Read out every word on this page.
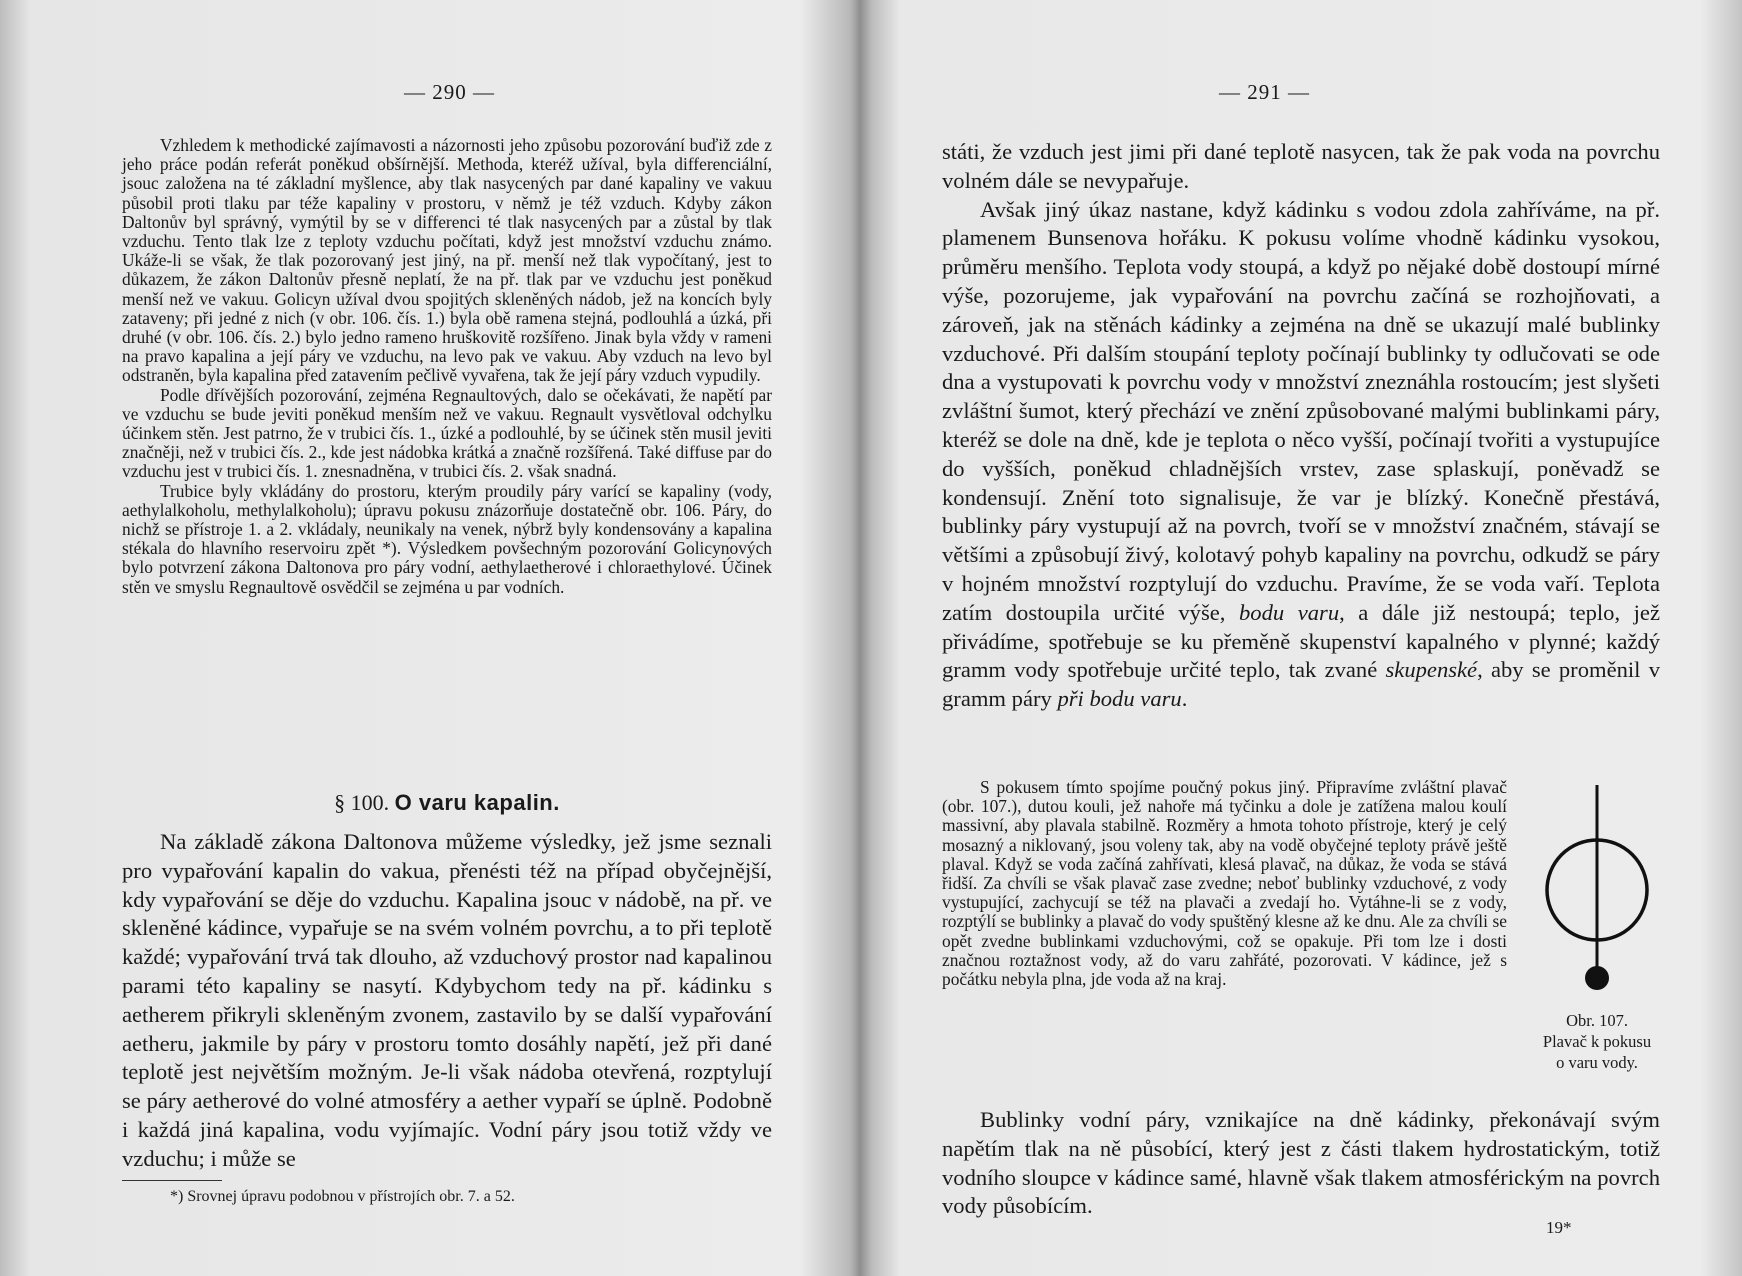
— 290 —

Vzhledem k methodické zajímavosti a názornosti jeho způsobu pozorování buďiž zde z jeho práce podán referát poněkud obšírnější. Methoda, kteréž užíval, byla differenciální, jsouc založena na té základní myšlence, aby tlak nasycených par dané kapaliny ve vakuu působil proti tlaku par téže kapaliny v prostoru, v němž je též vzduch. Kdyby zákon Daltonův byl správný, vymýtil by se v differenci té tlak nasycených par a zůstal by tlak vzduchu. Tento tlak lze z teploty vzduchu počítati, když jest množství vzduchu známo. Ukáže-li se však, že tlak pozorovaný jest jiný, na př. menší než tlak vypočítaný, jest to důkazem, že zákon Daltonův přesně neplatí, že na př. tlak par ve vzduchu jest poněkud menší než ve vakuu. Golicyn užíval dvou spojitých skleněných nádob, jež na koncích byly zataveny; při jedné z nich (v obr. 106. čís. 1.) byla obě ramena stejná, podlouhlá a úzká, při druhé (v obr. 106. čís. 2.) bylo jedno rameno hruškovitě rozšířeno. Jinak byla vždy v rameni na pravo kapalina a její páry ve vzduchu, na levo pak ve vakuu. Aby vzduch na levo byl odstraněn, byla kapalina před zatavením pečlivě vyvařena, tak že její páry vzduch vypudily.

Podle dřívějších pozorování, zejména Regnaultových, dalo se očekávati, že napětí par ve vzduchu se bude jeviti poněkud menším než ve vakuu. Regnault vysvětloval odchylku účinkem stěn. Jest patrno, že v trubici čís. 1., úzké a podlouhlé, by se účinek stěn musil jeviti značněji, než v trubici čís. 2., kde jest nádobka krátká a značně rozšířená. Také diffuse par do vzduchu jest v trubici čís. 1. znesnadněna, v trubici čís. 2. však snadná.

Trubice byly vkládány do prostoru, kterým proudily páry varící se kapaliny (vody, aethylalkoholu, methylalkoholu); úpravu pokusu znázorňuje dostatečně obr. 106. Páry, do nichž se přístroje 1. a 2. vkládaly, neunikaly na venek, nýbrž byly kondensovány a kapalina stékala do hlavního reservoiru zpět *). Výsledkem povšechným pozorování Golicynových bylo potvrzení zákona Daltonova pro páry vodní, aethylaetherové i chloraethylové. Účinek stěn ve smyslu Regnaultově osvědčil se zejména u par vodních.

§ 100. O varu kapalin.

Na základě zákona Daltonova můžeme výsledky, jež jsme seznali pro vypařování kapalin do vakua, přenésti též na případ obyčejnější, kdy vypařování se děje do vzduchu. Kapalina jsouc v nádobě, na př. ve skleněné kádince, vypařuje se na svém volném povrchu, a to při teplotě každé; vypařování trvá tak dlouho, až vzduchový prostor nad kapalinou parami této kapaliny se nasytí. Kdybychom tedy na př. kádinku s aetherem přikryli skleněným zvonem, zastavilo by se další vypařování aetheru, jakmile by páry v prostoru tomto dosáhly napětí, jež při dané teplotě jest největším možným. Je-li však nádoba otevřená, rozptylují se páry aetherové do volné atmosféry a aether vypaří se úplně. Podobně i každá jiná kapalina, vodu vyjímajíc. Vodní páry jsou totiž vždy ve vzduchu; i může se

*) Srovnej úpravu podobnou v přístrojích obr. 7. a 52.
— 291 —

státi, že vzduch jest jimi při dané teplotě nasycen, tak že pak voda na povrchu volném dále se nevypařuje.

Avšak jiný úkaz nastane, když kádinku s vodou zdola zahříváme, na př. plamenem Bunsenova hořáku. K pokusu volíme vhodně kádinku vysokou, průměru menšího. Teplota vody stoupá, a když po nějaké době dostoupí mírné výše, pozorujeme, jak vypařování na povrchu začíná se rozhojňovati, a zároveň, jak na stěnách kádinky a zejména na dně se ukazují malé bublinky vzduchové. Při dalším stoupání teploty počínají bublinky ty odlučovati se ode dna a vystupovati k povrchu vody v množství zneznáhla rostoucím; jest slyšeti zvláštní šumot, který přechází ve znění způsobované malými bublinkami páry, kteréž se dole na dně, kde je teplota o něco vyšší, počínají tvořiti a vystupujíce do vyšších, poněkud chladnějších vrstev, zase splaskují, poněvadž se kondensují. Znění toto signalisuje, že var je blízký. Konečně přestává, bublinky páry vystupují až na povrch, tvoří se v množství značném, stávají se většími a způsobují živý, kolotavý pohyb kapaliny na povrchu, odkudž se páry v hojném množství rozptylují do vzduchu. Pravíme, že se voda vaří. Teplota zatím dostoupila určité výše, bodu varu, a dále již nestoupá; teplo, jež přivádíme, spotřebuje se ku přeměně skupenství kapalného v plynné; každý gramm vody spotřebuje určité teplo, tak zvané skupenské, aby se proměnil v gramm páry při bodu varu.

S pokusem tímto spojíme poučný pokus jiný. Připravíme zvláštní plavač (obr. 107.), dutou kouli, jež nahoře má tyčinku a dole je zatížena malou koulí massivní, aby plavala stabilně. Rozměry a hmota tohoto přístroje, který je celý mosazný a niklovaný, jsou voleny tak, aby na vodě obyčejné teploty právě ještě plaval. Když se voda začíná zahřívati, klesá plavač, na důkaz, že voda se stává řidší. Za chvíli se však plavač zase zvedne; neboť bublinky vzduchové, z vody vystupující, zachycují se též na plavači a zvedají ho. Vytáhne-li se z vody, rozptýlí se bublinky a plavač do vody spuštěný klesne až ke dnu. Ale za chvíli se opět zvedne bublinkami vzduchovými, což se opakuje. Při tom lze i dosti značnou roztažnost vody, až do varu zahřáté, pozorovati. V kádince, jež s počátku nebyla plna, jde voda až na kraj.

Obr. 107.
Plavač k pokusu
o varu vody.

Bublinky vodní páry, vznikajíce na dně kádinky, překonávají svým napětím tlak na ně působící, který jest z části tlakem hydrostatickým, totiž vodního sloupce v kádince samé, hlavně však tlakem atmosférickým na povrch vody působícím.

19*
